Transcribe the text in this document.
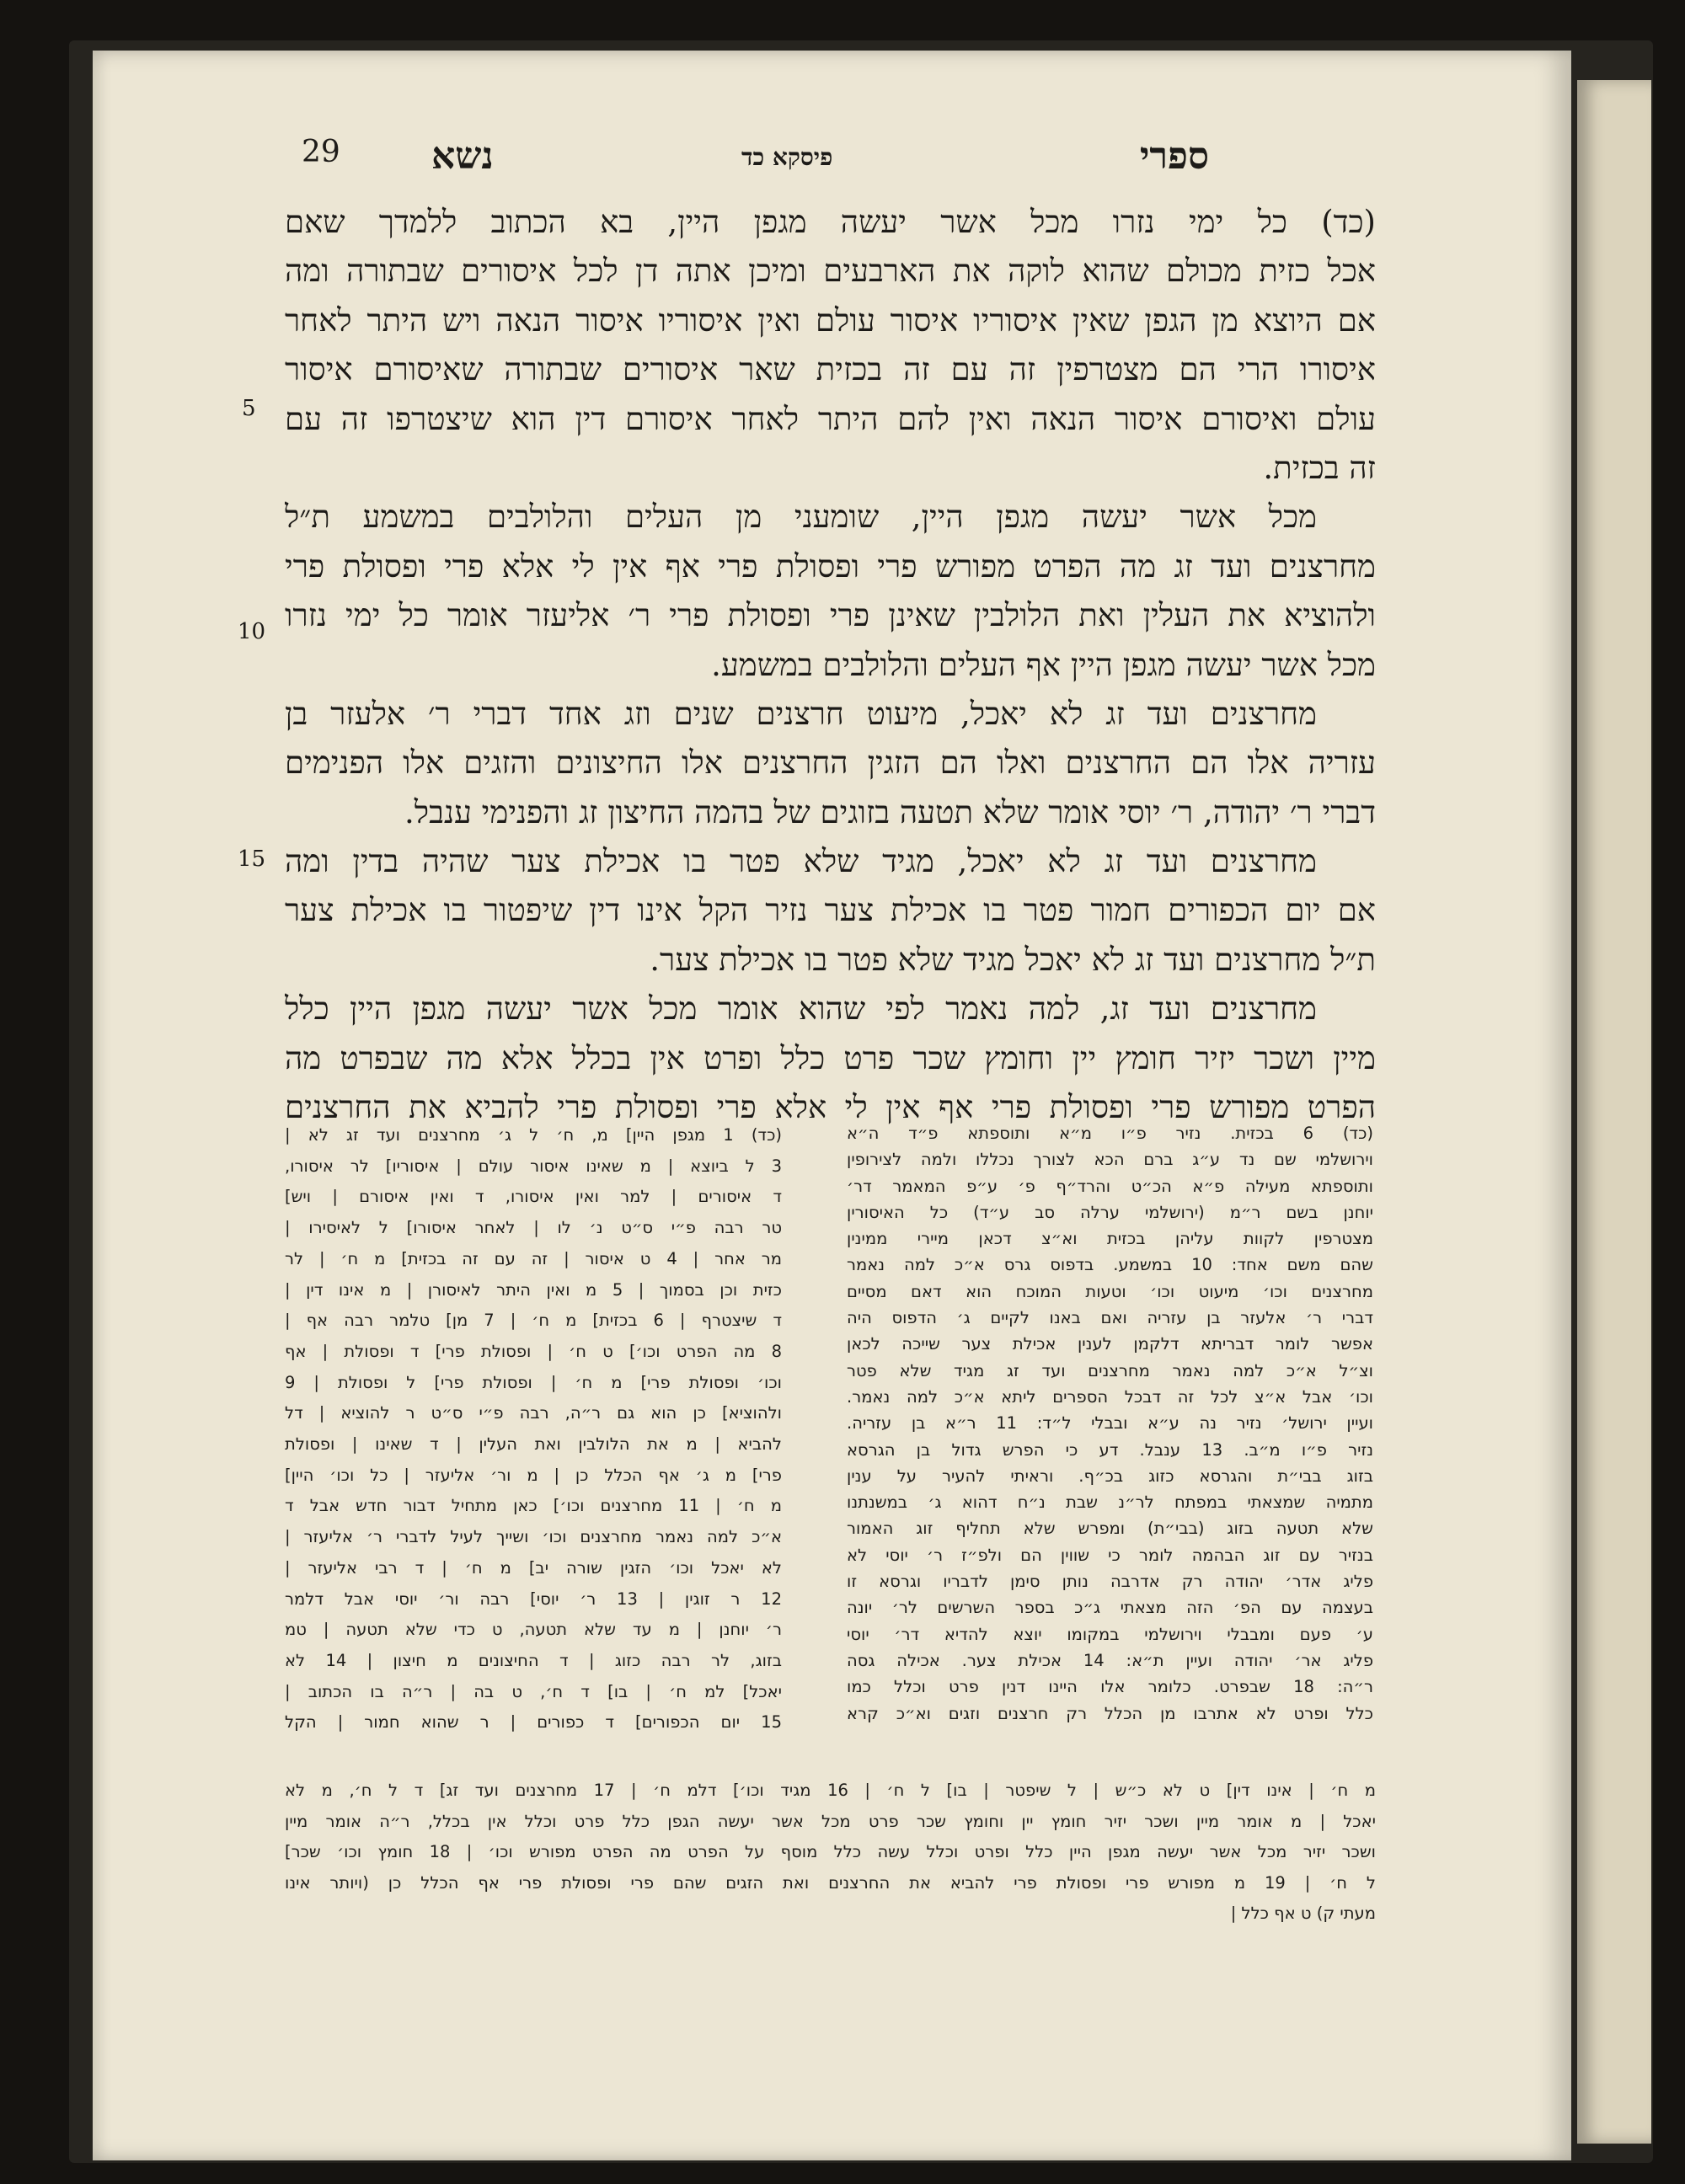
29 נשא	פיסקא כד	ספרי
(כד) כל ימי נזרו מכל אשר יעשה מגפן היין, בא הכתוב ללמדך שאם
אכל כזית מכולם שהוא לוקה את הארבעים ומיכן אתה דן לכל איסורים שבתורה ומה
אם היוצא מן הגפן שאין איסוריו איסור עולם ואין איסוריו איסור הנאה ויש היתר לאחר
איסורו הרי הם מצטרפין זה עם זה בכזית שאר איסורים שבתורה שאיסורם איסור
עולם ואיסורם איסור הנאה ואין להם היתר לאחר איסורם דין הוא שיצטרפו זה עם
זה בכזית.
מכל אשר יעשה מגפן היין, שומעני מן העלים והלולבים במשמע ת״ל
מחרצנים ועד זג מה הפרט מפורש פרי ופסולת פרי אף אין לי אלא פרי ופסולת פרי
ולהוציא את העלין ואת הלולבין שאינן פרי ופסולת פרי ר׳ אליעזר אומר כל ימי נזרו
מכל אשר יעשה מגפן היין אף העלים והלולבים במשמע.
מחרצנים ועד זג לא יאכל, מיעוט חרצנים שנים וזג אחד דברי ר׳ אלעזר בן
עזריה אלו הם החרצנים ואלו הם הזגין החרצנים אלו החיצונים והזגים אלו הפנימים
דברי ר׳ יהודה, ר׳ יוסי אומר שלא תטעה בזוגים של בהמה החיצון זג והפנימי ענבל.
מחרצנים ועד זג לא יאכל, מגיד שלא פטר בו אכילת צער שהיה בדין ומה
אם יום הכפורים חמור פטר בו אכילת צער נזיר הקל אינו דין שיפטור בו אכילת צער
ת״ל מחרצנים ועד זג לא יאכל מגיד שלא פטר בו אכילת צער.
מחרצנים ועד זג, למה נאמר לפי שהוא אומר מכל אשר יעשה מגפן היין כלל
מיין ושכר יזיר חומץ יין וחומץ שכר פרט כלל ופרט אין בכלל אלא מה שבפרט מה
הפרט מפורש פרי ופסולת פרי אף אין לי אלא פרי ופסולת פרי להביא את החרצנים
5
10
15
(כד) 6 בכזית. נזיר פ״ו מ״א ותוספתא פ״ד ה״א
וירושלמי שם נד ע״ג ברם הכא לצורך נכללו ולמה לצירופין
ותוספתא מעילה פ״א הכ״ט והרד״ף פ׳ ע״פ המאמר דר׳
יוחנן בשם ר״מ (ירושלמי ערלה סב ע״ד) כל האיסורין
מצטרפין לקוות עליהן בכזית וא״צ דכאן מיירי ממינין
שהם משם אחד: 10 במשמע. בדפוס גרס א״כ למה נאמר
מחרצנים וכו׳ מיעוט וכו׳ וטעות המוכח הוא דאם מסיים
דברי ר׳ אלעזר בן עזריה ואם באנו לקיים ג׳ הדפוס היה
אפשר לומר דבריתא דלקמן לענין אכילת צער שייכה לכאן
וצ״ל א״כ למה נאמר מחרצנים ועד זג מגיד שלא פטר
וכו׳ אבל א״צ לכל זה דבכל הספרים ליתא א״כ למה נאמר.
ועיין ירושל׳ נזיר נה ע״א ובבלי ל״ד: 11 ר״א בן עזריה.
נזיר פ״ו מ״ב. 13 ענבל. דע כי הפרש גדול בן הגרסא
בזוג בבי״ת והגרסא כזוג בכ״ף. וראיתי להעיר על ענין
מתמיה שמצאתי במפתח לר״נ שבת נ״ח דהוא ג׳ במשנתנו
שלא תטעה בזוג (בבי״ת) ומפרש שלא תחליף זוג האמור
בנזיר עם זוג הבהמה לומר כי שווין הם ולפ״ז ר׳ יוסי לא
פליג אדר׳ יהודה רק אדרבה נותן סימן לדבריו וגרסא זו
בעצמה עם הפ׳ הזה מצאתי ג״כ בספר השרשים לר׳ יונה
ע׳ פעם ומבבלי וירושלמי במקומו יוצא להדיא דר׳ יוסי
פליג אר׳ יהודה ועיין ת״א: 14 אכילת צער. אכילה גסה
ר״ה: 18 שבפרט. כלומר אלו היינו דנין פרט וכלל כמו
כלל ופרט לא אתרבו מן הכלל רק חרצנים וזגים וא״כ קרא
(כד) 1 מגפן היין] מ, ח׳ ל ג׳ מחרצנים ועד זג לא |
3 ל ביוצא | מ שאינו איסור עולם | איסוריו] לר איסורו,
ד איסורים | למר ואין איסורו, ד ואין איסורם | ויש]
טר רבה פ״י ס״ט נ׳ לו | לאחר איסורו] ל לאיסירו |
מר אחר | 4 ט איסור | זה עם זה בכזית] מ ח׳ | לר
כזית וכן בסמוך | 5 מ ואין היתר לאיסורן | מ אינו דין |
ד שיצטרף | 6 בכזית] מ ח׳ | 7 מן] טלמר רבה אף |
8 מה הפרט וכו׳] ט ח׳ | ופסולת פרי] ד ופסולת | אף
וכו׳ ופסולת פרי] מ ח׳ | ופסולת פרי] ל ופסולת | 9
ולהוציא] כן הוא גם ר״ה, רבה פ״י ס״ט ר להוציא | דל
להביא | מ את הלולבין ואת העלין | ד שאינו | ופסולת
פרי] מ ג׳ אף הכלל כן | מ ור׳ אליעזר | כל וכו׳ היין]
מ ח׳ | 11 מחרצנים וכו׳] כאן מתחיל דבור חדש אבל ד
א״כ למה נאמר מחרצנים וכו׳ ושייך לעיל לדברי ר׳ אליעזר |
לא יאכל וכו׳ הזגין שורה יב] מ ח׳ | ד רבי אליעזר |
12 ר זוגין | 13 ר׳ יוסי] רבה ור׳ יוסי אבל דלמר
ר׳ יוחנן | מ עד שלא תטעה, ט כדי שלא תטעה | טמ
בזוג, לר רבה כזוג | ד החיצונים מ חיצון | 14 לא
יאכל] למ ח׳ | בו] ד ח׳, ט בה | ר״ה בו הכתוב |
15 יום הכפורים] ד כפורים | ר שהוא חמור | הקל
מ ח׳ | אינו דין] ט לא כ״ש | ל שיפטר | בו] ל ח׳ | 16 מגיד וכו׳] דלמ ח׳ | 17 מחרצנים ועד זג] ד ל ח׳, מ לא
יאכל | מ אומר מיין ושכר יזיר חומץ יין וחומץ שכר פרט מכל אשר יעשה הגפן כלל פרט וכלל אין בכלל, ר״ה אומר מיין
ושכר יזיר מכל אשר יעשה מגפן היין כלל ופרט וכלל עשה כלל מוסף על הפרט מה הפרט מפורש וכו׳ | 18 חומץ וכו׳ שכר]
ל ח׳ | 19 מ מפורש פרי ופסולת פרי להביא את החרצנים ואת הזגים שהם פרי ופסולת פרי אף הכלל כן (ויותר אינו
מעתי ק) ט אף כלל |
